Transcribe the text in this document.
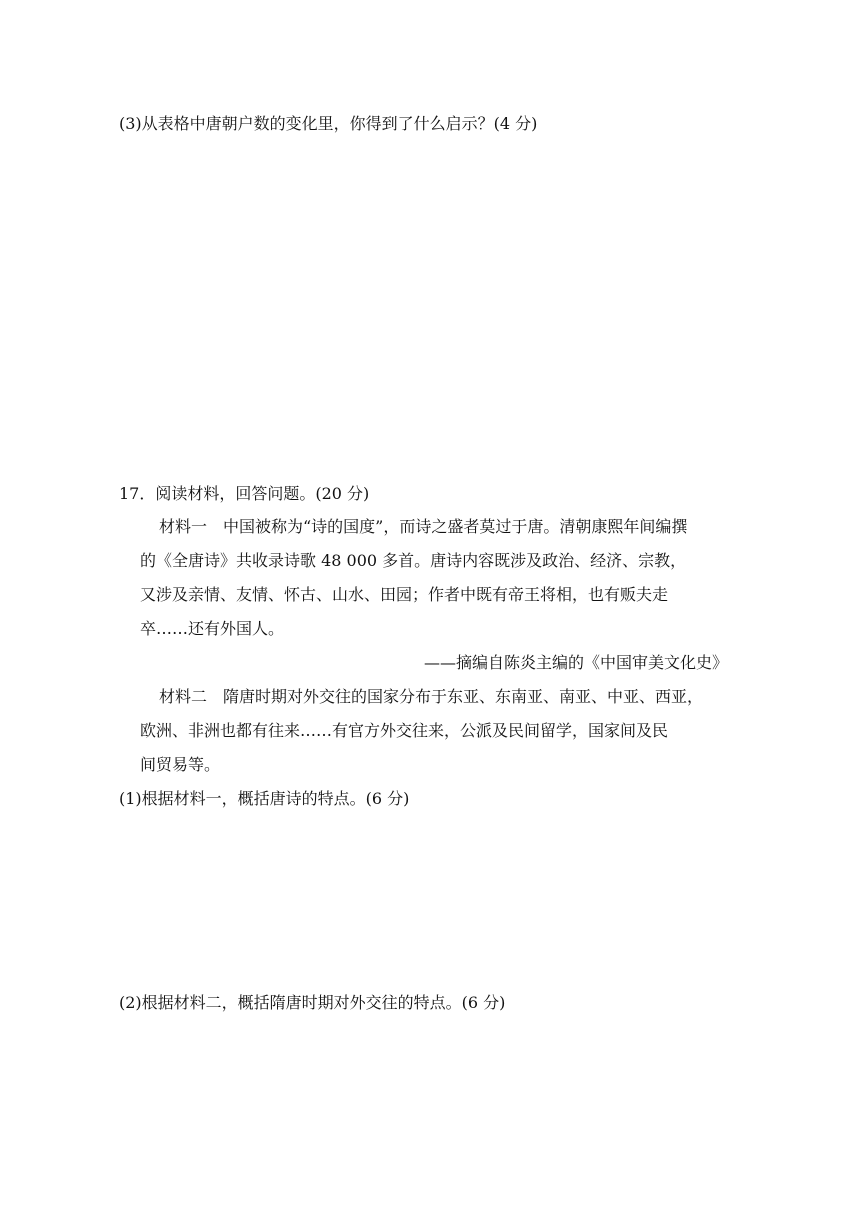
(3)从表格中唐朝户数的变化里，你得到了什么启示？(4 分)
17．阅读材料，回答问题。(20 分)
材料一　中国被称为“诗的国度”，而诗之盛者莫过于唐。清朝康熙年间编撰
的《全唐诗》共收录诗歌 48 000 多首。唐诗内容既涉及政治、经济、宗教，
又涉及亲情、友情、怀古、山水、田园；作者中既有帝王将相，也有贩夫走
卒……还有外国人。
——摘编自陈炎主编的《中国审美文化史》
材料二　隋唐时期对外交往的国家分布于东亚、东南亚、南亚、中亚、西亚，
欧洲、非洲也都有往来……有官方外交往来，公派及民间留学，国家间及民
间贸易等。
(1)根据材料一，概括唐诗的特点。(6 分)
(2)根据材料二，概括隋唐时期对外交往的特点。(6 分)
